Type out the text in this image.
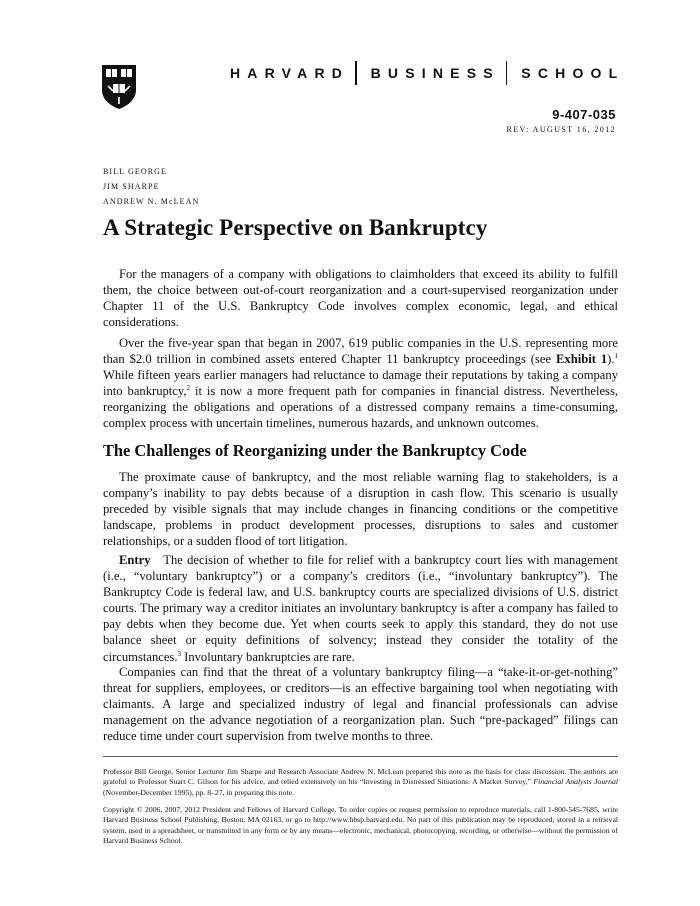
HARVARD BUSINESS SCHOOL
9-407-035
REV: AUGUST 16, 2012
BILL GEORGE
JIM SHARPE
ANDREW N. McLEAN
A Strategic Perspective on Bankruptcy

For the managers of a company with obligations to claimholders that exceed its ability to fulfill them, the choice between out-of-court reorganization and a court-supervised reorganization under Chapter 11 of the U.S. Bankruptcy Code involves complex economic, legal, and ethical considerations.

Over the five-year span that began in 2007, 619 public companies in the U.S. representing more than $2.0 trillion in combined assets entered Chapter 11 bankruptcy proceedings (see Exhibit 1).$^1$ While fifteen years earlier managers had reluctance to damage their reputations by taking a company into bankruptcy,$^2$ it is now a more frequent path for companies in financial distress. Nevertheless, reorganizing the obligations and operations of a distressed company remains a time-consuming, complex process with uncertain timelines, numerous hazards, and unknown outcomes.

The Challenges of Reorganizing under the Bankruptcy Code

The proximate cause of bankruptcy, and the most reliable warning flag to stakeholders, is a company’s inability to pay debts because of a disruption in cash flow. This scenario is usually preceded by visible signals that may include changes in financing conditions or the competitive landscape, problems in product development processes, disruptions to sales and customer relationships, or a sudden flood of tort litigation.

Entry The decision of whether to file for relief with a bankruptcy court lies with management (i.e., “voluntary bankruptcy”) or a company’s creditors (i.e., “involuntary bankruptcy”). The Bankruptcy Code is federal law, and U.S. bankruptcy courts are specialized divisions of U.S. district courts. The primary way a creditor initiates an involuntary bankruptcy is after a company has failed to pay debts when they become due. Yet when courts seek to apply this standard, they do not use balance sheet or equity definitions of solvency; instead they consider the totality of the circumstances.$^3$ Involuntary bankruptcies are rare.

Companies can find that the threat of a voluntary bankruptcy filing—a “take-it-or-get-nothing” threat for suppliers, employees, or creditors—is an effective bargaining tool when negotiating with claimants. A large and specialized industry of legal and financial professionals can advise management on the advance negotiation of a reorganization plan. Such “pre-packaged” filings can reduce time under court supervision from twelve months to three.

Professor Bill George, Senior Lecturer Jim Sharpe and Research Associate Andrew N. McLean prepared this note as the basis for class discussion. The authors are grateful to Professor Suart C. Gilson for his advice, and relied extensively on his “Investing in Distressed Situations: A Market Survey,” Financial Analysts Journal (November-December 1995), pp. 8–27, in preparing this note.

Copyright © 2006, 2007, 2012 President and Fellows of Harvard College. To order copies or request permission to reproduce materials, call 1-800-545-7685, write Harvard Business School Publishing, Boston, MA 02163, or go to http://www.hbsp.harvard.edu. No part of this publication may be reproduced, stored in a retrieval system, used in a spreadsheet, or transmitted in any form or by any means—electronic, mechanical, photocopying, recording, or otherwise—without the permission of Harvard Business School.
